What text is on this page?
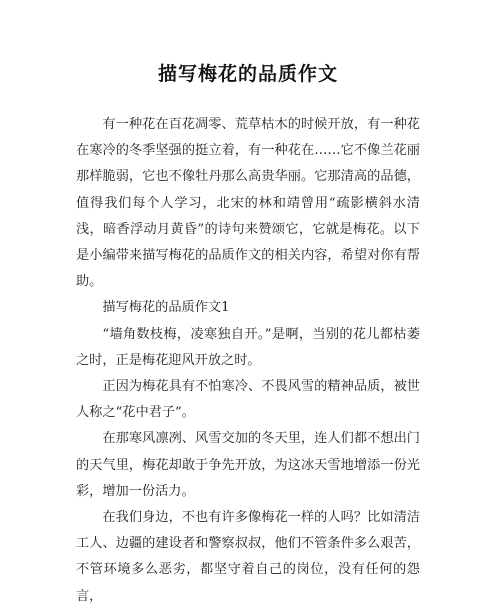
描写梅花的品质作文

有一种花在百花凋零、荒草枯木的时候开放，有一种花在寒冷的冬季坚强的挺立着，有一种花在……它不像兰花丽那样脆弱，它也不像牡丹那么高贵华丽。它那清高的品德，值得我们每个人学习，北宋的林和靖曾用“疏影横斜水清浅，暗香浮动月黄昏”的诗句来赞颂它，它就是梅花。以下是小编带来描写梅花的品质作文的相关内容，希望对你有帮助。

描写梅花的品质作文1

“墙角数枝梅，凌寒独自开。”是啊，当别的花儿都枯萎之时，正是梅花迎风开放之时。

正因为梅花具有不怕寒冷、不畏风雪的精神品质，被世人称之“花中君子”。

在那寒风凛冽、风雪交加的冬天里，连人们都不想出门的天气里，梅花却敢于争先开放，为这冰天雪地增添一份光彩，增加一份活力。

在我们身边，不也有许多像梅花一样的人吗？比如清洁工人、边疆的建设者和警察叔叔，他们不管条件多么艰苦，不管环境多么恶劣，都坚守着自己的岗位，没有任何的怨言，
